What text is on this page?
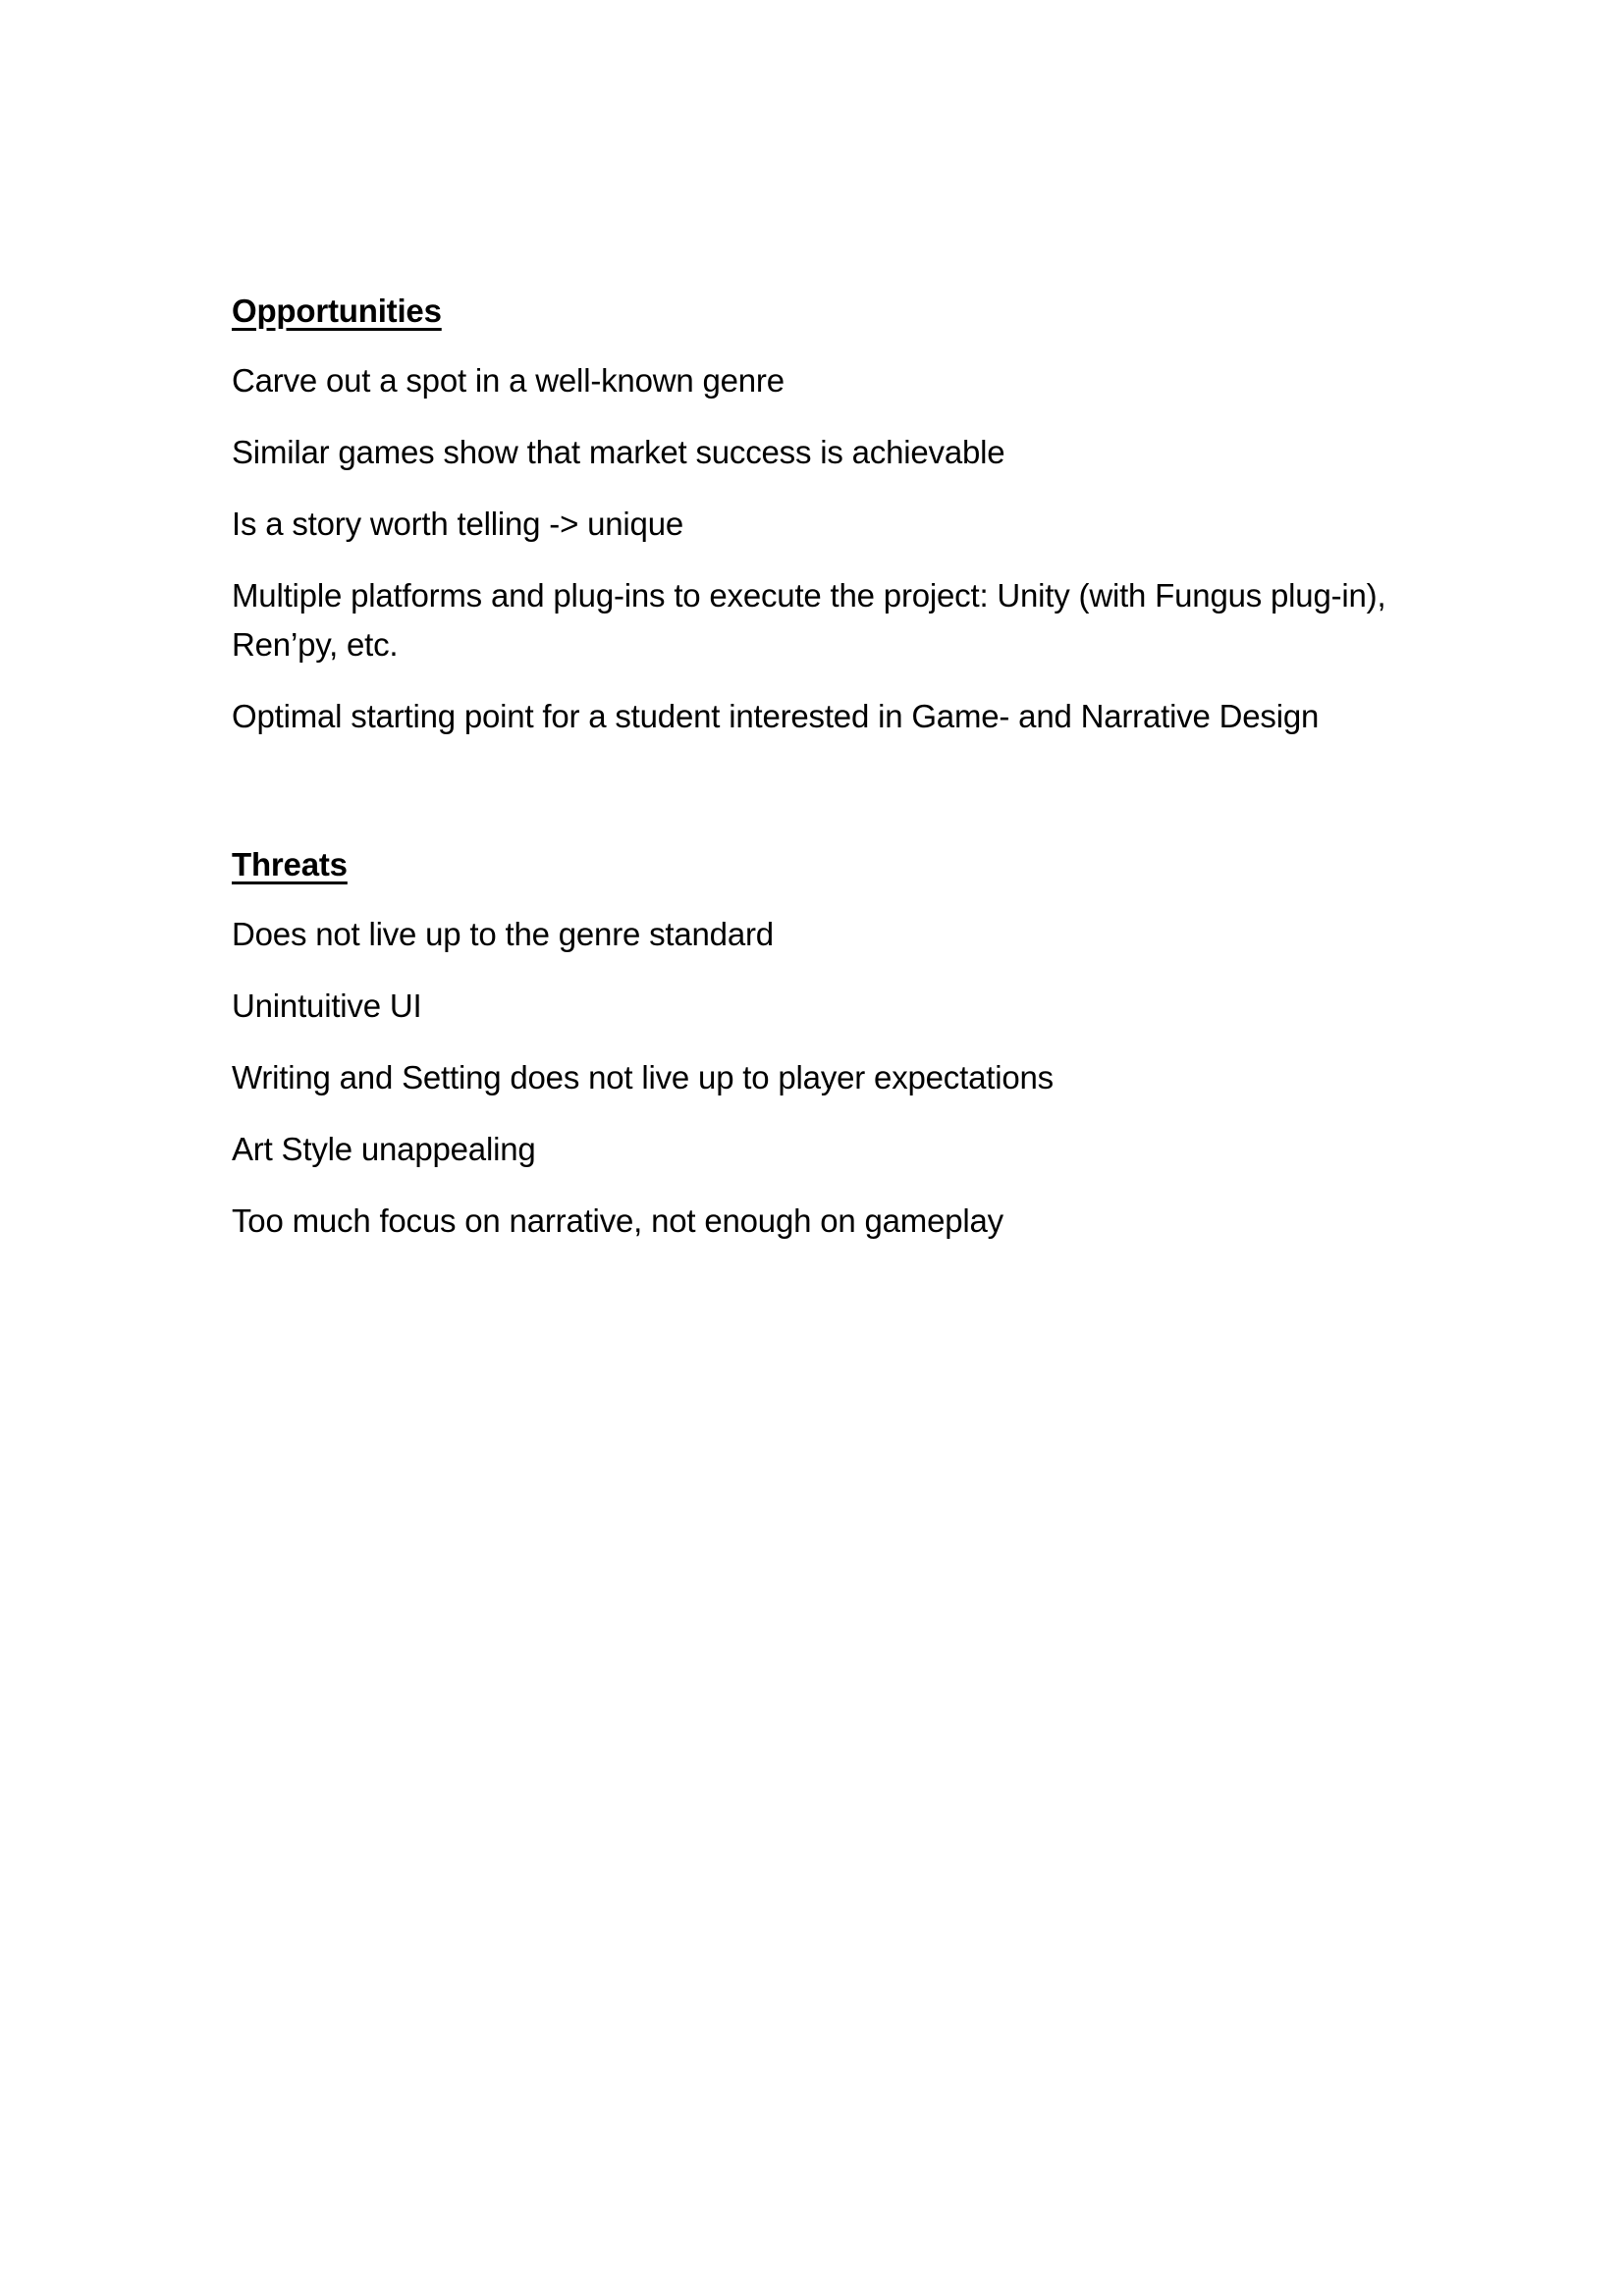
Opportunities

Carve out a spot in a well-known genre

Similar games show that market success is achievable

Is a story worth telling -> unique

Multiple platforms and plug-ins to execute the project: Unity (with Fungus plug-in), Ren’py, etc.

Optimal starting point for a student interested in Game- and Narrative Design

Threats

Does not live up to the genre standard

Unintuitive UI

Writing and Setting does not live up to player expectations

Art Style unappealing

Too much focus on narrative, not enough on gameplay
